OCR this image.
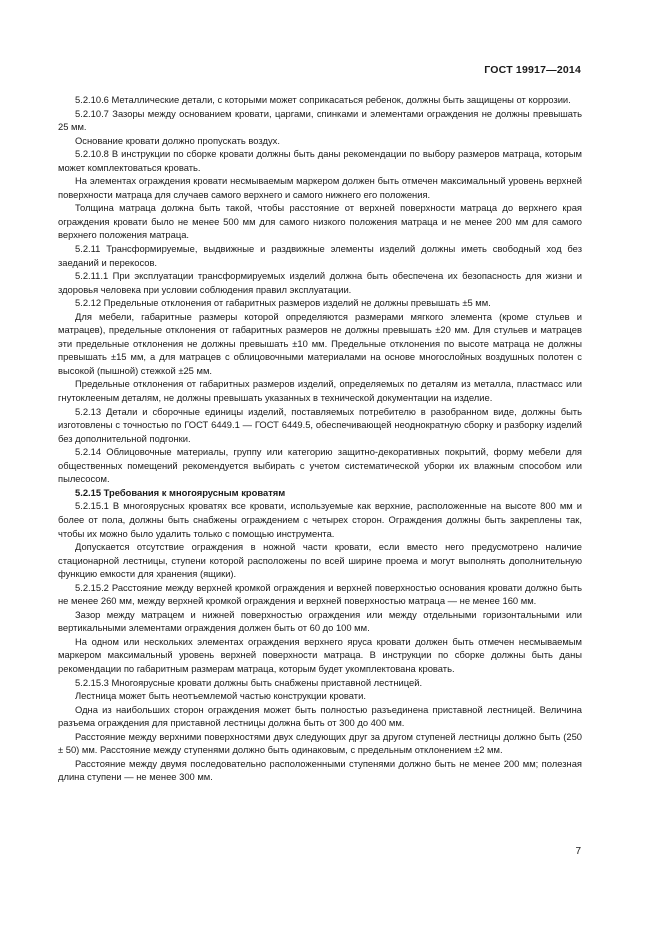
ГОСТ 19917—2014

5.2.10.6 Металлические детали, с которыми может соприкасаться ребенок, должны быть защищены от коррозии.

5.2.10.7 Зазоры между основанием кровати, царгами, спинками и элементами ограждения не должны превышать 25 мм.

Основание кровати должно пропускать воздух.

5.2.10.8 В инструкции по сборке кровати должны быть даны рекомендации по выбору размеров матраца, которым может комплектоваться кровать.

На элементах ограждения кровати несмываемым маркером должен быть отмечен максимальный уровень верхней поверхности матраца для случаев самого верхнего и самого нижнего его положения.

Толщина матраца должна быть такой, чтобы расстояние от верхней поверхности матраца до верхнего края ограждения кровати было не менее 500 мм для самого низкого положения матраца и не менее 200 мм для самого верхнего положения матраца.

5.2.11 Трансформируемые, выдвижные и раздвижные элементы изделий должны иметь свободный ход без заеданий и перекосов.

5.2.11.1 При эксплуатации трансформируемых изделий должна быть обеспечена их безопасность для жизни и здоровья человека при условии соблюдения правил эксплуатации.

5.2.12 Предельные отклонения от габаритных размеров изделий не должны превышать ±5 мм.

Для мебели, габаритные размеры которой определяются размерами мягкого элемента (кроме стульев и матрацев), предельные отклонения от габаритных размеров не должны превышать ±20 мм. Для стульев и матрацев эти предельные отклонения не должны превышать ±10 мм. Предельные отклонения по высоте матраца не должны превышать ±15 мм, а для матрацев с облицовочными материалами на основе многослойных воздушных полотен с высокой (пышной) стежкой ±25 мм.

Предельные отклонения от габаритных размеров изделий, определяемых по деталям из металла, пластмасс или гнутоклееным деталям, не должны превышать указанных в технической документации на изделие.

5.2.13 Детали и сборочные единицы изделий, поставляемых потребителю в разобранном виде, должны быть изготовлены с точностью по ГОСТ 6449.1 — ГОСТ 6449.5, обеспечивающей неоднократную сборку и разборку изделий без дополнительной подгонки.

5.2.14 Облицовочные материалы, группу или категорию защитно-декоративных покрытий, форму мебели для общественных помещений рекомендуется выбирать с учетом систематической уборки их влажным способом или пылесосом.

5.2.15 Требования к многоярусным кроватям

5.2.15.1 В многоярусных кроватях все кровати, используемые как верхние, расположенные на высоте 800 мм и более от пола, должны быть снабжены ограждением с четырех сторон. Ограждения должны быть закреплены так, чтобы их можно было удалить только с помощью инструмента.

Допускается отсутствие ограждения в ножной части кровати, если вместо него предусмотрено наличие стационарной лестницы, ступени которой расположены по всей ширине проема и могут выполнять дополнительную функцию емкости для хранения (ящики).

5.2.15.2 Расстояние между верхней кромкой ограждения и верхней поверхностью основания кровати должно быть не менее 260 мм, между верхней кромкой ограждения и верхней поверхностью матраца — не менее 160 мм.

Зазор между матрацем и нижней поверхностью ограждения или между отдельными горизонтальными или вертикальными элементами ограждения должен быть от 60 до 100 мм.

На одном или нескольких элементах ограждения верхнего яруса кровати должен быть отмечен несмываемым маркером максимальный уровень верхней поверхности матраца. В инструкции по сборке должны быть даны рекомендации по габаритным размерам матраца, которым будет укомплектована кровать.

5.2.15.3 Многоярусные кровати должны быть снабжены приставной лестницей.

Лестница может быть неотъемлемой частью конструкции кровати.

Одна из наибольших сторон ограждения может быть полностью разъединена приставной лестницей. Величина разъема ограждения для приставной лестницы должна быть от 300 до 400 мм.

Расстояние между верхними поверхностями двух следующих друг за другом ступеней лестницы должно быть (250 ± 50) мм. Расстояние между ступенями должно быть одинаковым, с предельным отклонением ±2 мм.

Расстояние между двумя последовательно расположенными ступенями должно быть не менее 200 мм; полезная длина ступени — не менее 300 мм.

7
